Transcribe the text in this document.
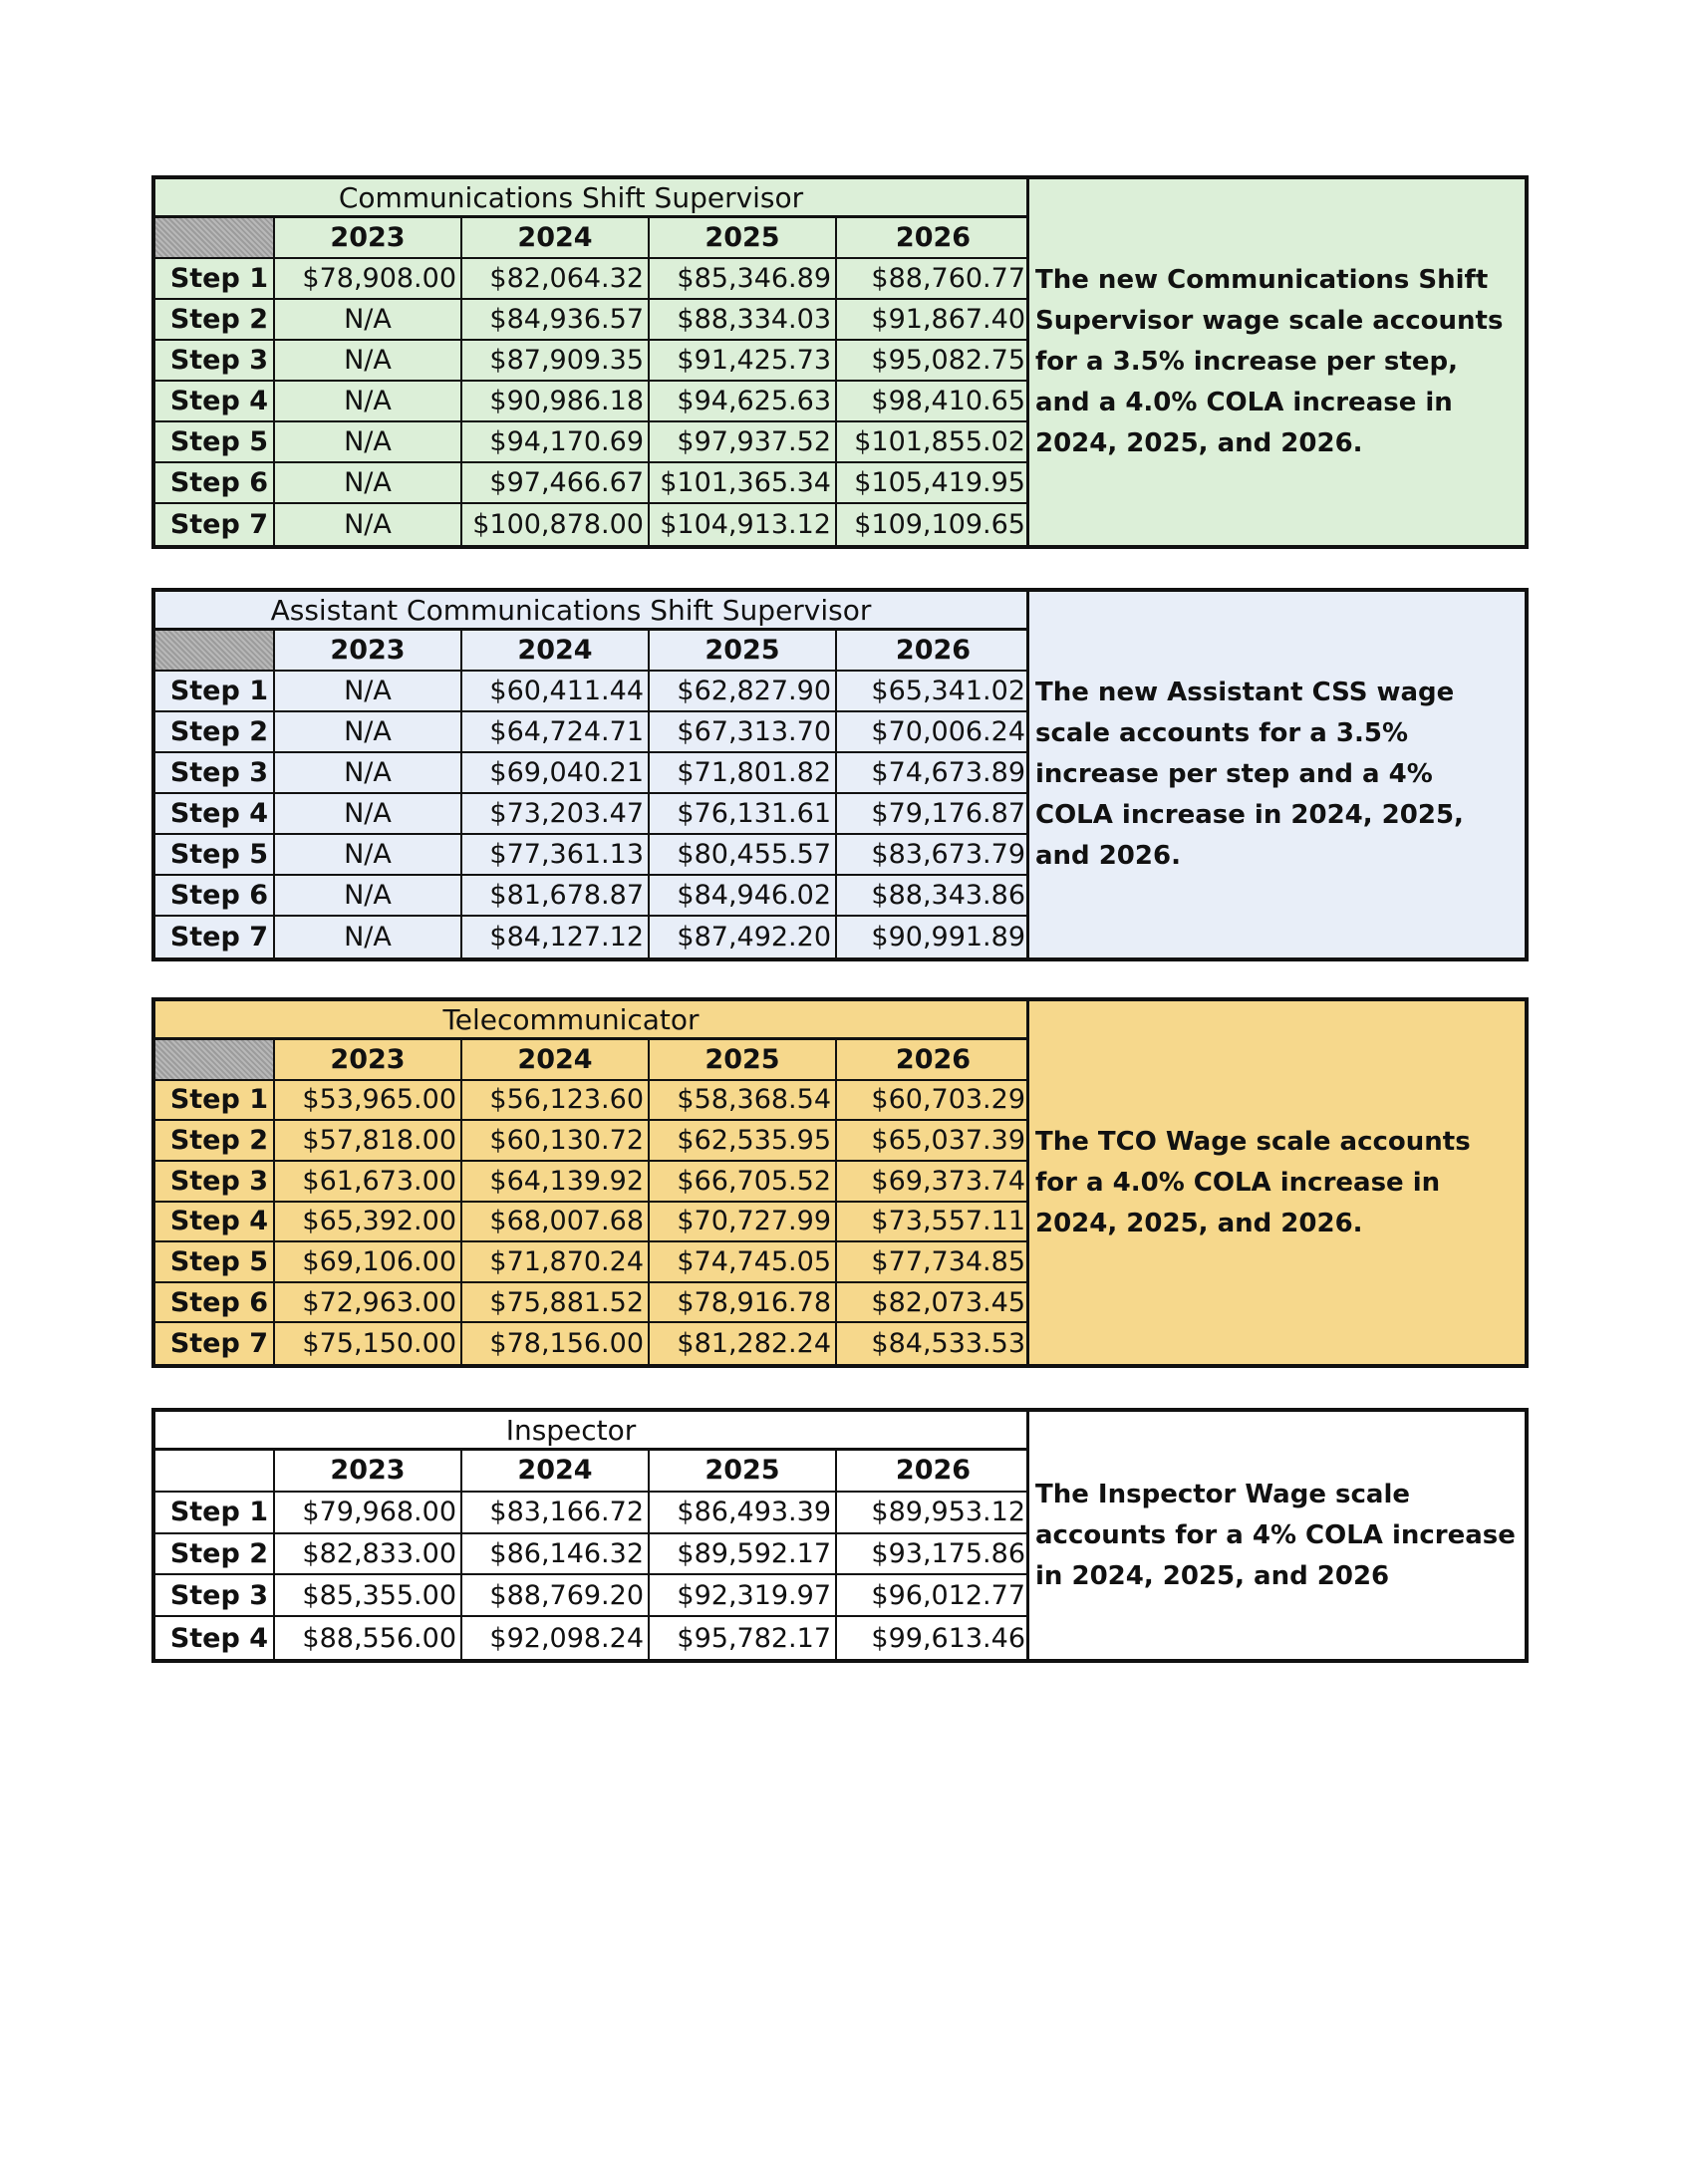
Communications Shift Supervisor
2023	2024	2025	2026
Step 1	$78,908.00	$82,064.32	$85,346.89	$88,760.77
Step 2	N/A	$84,936.57	$88,334.03	$91,867.40
Step 3	N/A	$87,909.35	$91,425.73	$95,082.75
Step 4	N/A	$90,986.18	$94,625.63	$98,410.65
Step 5	N/A	$94,170.69	$97,937.52 $101,855.02
Step 6	N/A	$97,466.67 $101,365.34 $105,419.95
Step 7	N/A	$100,878.00 $104,913.12 $109,109.65

The new Communications Shift Supervisor wage scale accounts for a 3.5% increase per step, and a 4.0% COLA increase in 2024, 2025, and 2026.

Assistant Communications Shift Supervisor
2023	2024	2025	2026
Step 1	N/A	$60,411.44	$62,827.90	$65,341.02
Step 2	N/A	$64,724.71	$67,313.70	$70,006.24
Step 3	N/A	$69,040.21	$71,801.82	$74,673.89
Step 4	N/A	$73,203.47	$76,131.61	$79,176.87
Step 5	N/A	$77,361.13	$80,455.57	$83,673.79
Step 6	N/A	$81,678.87	$84,946.02	$88,343.86
Step 7	N/A	$84,127.12	$87,492.20	$90,991.89

The new Assistant CSS wage scale accounts for a 3.5% increase per step and a 4% COLA increase in 2024, 2025, and 2026.

Telecommunicator
2023	2024	2025	2026
Step 1	$53,965.00	$56,123.60	$58,368.54	$60,703.29
Step 2	$57,818.00	$60,130.72	$62,535.95	$65,037.39
Step 3	$61,673.00	$64,139.92	$66,705.52	$69,373.74
Step 4	$65,392.00	$68,007.68	$70,727.99	$73,557.11
Step 5	$69,106.00	$71,870.24	$74,745.05	$77,734.85
Step 6	$72,963.00	$75,881.52	$78,916.78	$82,073.45
Step 7	$75,150.00	$78,156.00	$81,282.24	$84,533.53

The TCO Wage scale accounts for a 4.0% COLA increase in 2024, 2025, and 2026.

Inspector
2023	2024	2025	2026
Step 1	$79,968.00	$83,166.72	$86,493.39	$89,953.12
Step 2	$82,833.00	$86,146.32	$89,592.17	$93,175.86
Step 3	$85,355.00	$88,769.20	$92,319.97	$96,012.77
Step 4	$88,556.00	$92,098.24	$95,782.17	$99,613.46

The Inspector Wage scale accounts for a 4% COLA increase in 2024, 2025, and 2026
